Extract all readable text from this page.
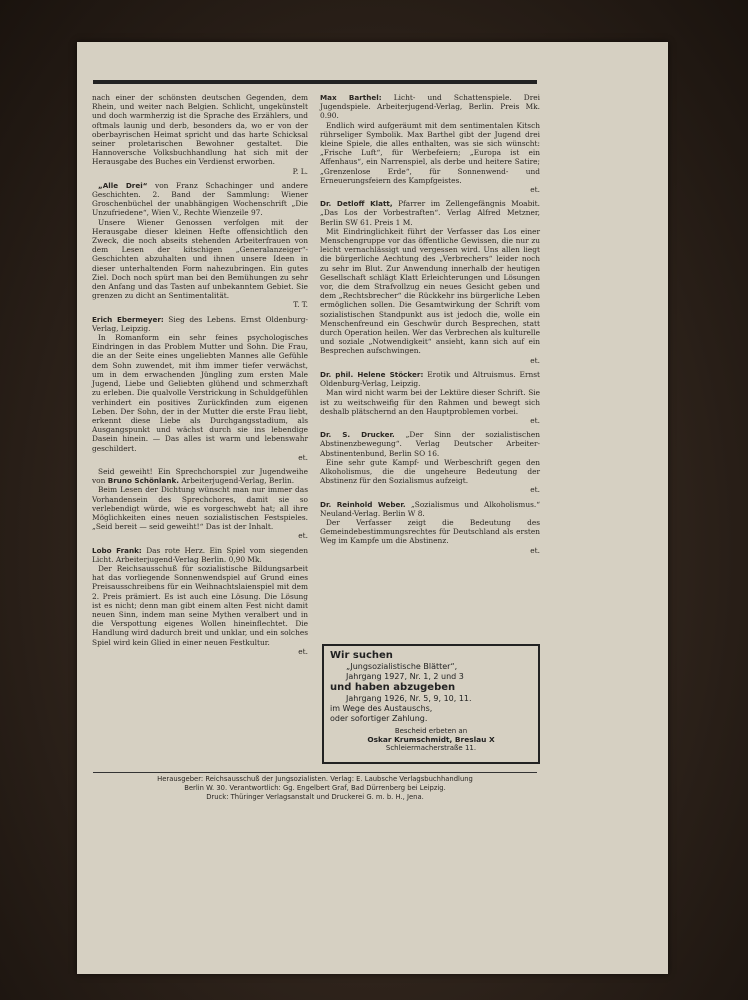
nach einer der schönsten deutschen Gegenden, dem Rhein, und weiter nach Belgien. Schlicht, ungekünstelt und doch warmherzig ist die Sprache des Erzählers, und oftmals launig und derb, besonders da, wo er von der oberbayrischen Heimat spricht und das harte Schicksal seiner proletarischen Bewohner gestaltet. Die Hannoversche Volksbuchhandlung hat sich mit der Herausgabe des Buches ein Verdienst erworben.

P. L.

„Alle Drei“ von Franz Schachinger und andere Geschichten. 2. Band der Sammlung: Wiener Groschenbüchel der unabhängigen Wochenschrift „Die Unzufriedene“, Wien V., Rechte Wienzeile 97.

Unsere Wiener Genossen verfolgen mit der Herausgabe dieser kleinen Hefte offensichtlich den Zweck, die noch abseits stehenden Arbeiterfrauen von dem Lesen der kitschigen „Generalanzeiger“-Geschichten abzuhalten und ihnen unsere Ideen in dieser unterhaltenden Form nahezubringen. Ein gutes Ziel. Doch noch spürt man bei den Bemühungen zu sehr den Anfang und das Tasten auf unbekanntem Gebiet. Sie grenzen zu dicht an Sentimentalität.

T. T.

Erich Ebermeyer: Sieg des Lebens. Ernst Oldenburg-Verlag, Leipzig.

In Romanform ein sehr feines psychologisches Eindringen in das Problem Mutter und Sohn. Die Frau, die an der Seite eines ungeliebten Mannes alle Gefühle dem Sohn zuwendet, mit ihm immer tiefer verwächst, um in dem erwachenden Jüngling zum ersten Male Jugend, Liebe und Geliebten glühend und schmerzhaft zu erleben. Die qualvolle Verstrickung in Schuldgefühlen verhindert ein positives Zurückfinden zum eigenen Leben. Der Sohn, der in der Mutter die erste Frau liebt, erkennt diese Liebe als Durchgangsstadium, als Ausgangspunkt und wächst durch sie ins lebendige Dasein hinein. — Das alles ist warm und lebenswahr geschildert.

et.

Seid geweiht! Ein Sprechchorspiel zur Jugendweihe von Bruno Schönlank. Arbeiterjugend-Verlag, Berlin.

Beim Lesen der Dichtung wünscht man nur immer das Vorhandensein des Sprechchores, damit sie so verlebendigt würde, wie es vorgeschwebt hat; all ihre Möglichkeiten eines neuen sozialistischen Festspieles. „Seid bereit — seid geweiht!“ Das ist der Inhalt.

et.

Lobo Frank: Das rote Herz. Ein Spiel vom siegenden Licht. Arbeiterjugend-Verlag Berlin. 0,90 Mk.

Der Reichsausschuß für sozialistische Bildungsarbeit hat das vorliegende Sonnenwendspiel auf Grund eines Preisausschreibens für ein Weihnachtslaienspiel mit dem 2. Preis prämiert. Es ist auch eine Lösung. Die Lösung ist es nicht; denn man gibt einem alten Fest nicht damit neuen Sinn, indem man seine Mythen veralbert und in die Verspottung eigenes Wollen hineinflechtet. Die Handlung wird dadurch breit und unklar, und ein solches Spiel wird kein Glied in einer neuen Festkultur.

et.

Max Barthel: Licht- und Schattenspiele. Drei Jugendspiele. Arbeiterjugend-Verlag, Berlin. Preis Mk. 0.90.

Endlich wird aufgeräumt mit dem sentimentalen Kitsch rührseliger Symbolik. Max Barthel gibt der Jugend drei kleine Spiele, die alles enthalten, was sie sich wünscht: „Frische Luft“, für Werbefeiern; „Europa ist ein Affenhaus“, ein Narrenspiel, als derbe und heitere Satire; „Grenzenlose Erde“, für Sonnenwend- und Erneuerungsfeiern des Kampfgeistes.

et.

Dr. Detloff Klatt, Pfarrer im Zellengefängnis Moabit. „Das Los der Vorbestraften“. Verlag Alfred Metzner, Berlin SW 61. Preis 1 M.

Mit Eindringlichkeit führt der Verfasser das Los einer Menschengruppe vor das öffentliche Gewissen, die nur zu leicht vernachlässigt und vergessen wird. Uns allen liegt die bürgerliche Aechtung des „Verbrechers“ leider noch zu sehr im Blut. Zur Anwendung innerhalb der heutigen Gesellschaft schlägt Klatt Erleichterungen und Lösungen vor, die dem Strafvollzug ein neues Gesicht geben und dem „Rechtsbrecher“ die Rückkehr ins bürgerliche Leben ermöglichen sollen. Die Gesamtwirkung der Schrift vom sozialistischen Standpunkt aus ist jedoch die, wolle ein Menschenfreund ein Geschwür durch Besprechen, statt durch Operation heilen. Wer das Verbrechen als kulturelle und soziale „Notwendigkeit“ ansieht, kann sich auf ein Besprechen aufschwingen.

et.

Dr. phil. Helene Stöcker: Erotik und Altruismus. Ernst Oldenburg-Verlag, Leipzig.

Man wird nicht warm bei der Lektüre dieser Schrift. Sie ist zu weitschweifig für den Rahmen und bewegt sich deshalb plätschernd an den Hauptproblemen vorbei.

et.

Dr. S. Drucker. „Der Sinn der sozialistischen Abstinenzbewegung“. Verlag Deutscher Arbeiter-Abstinentenbund, Berlin SO 16.

Eine sehr gute Kampf- und Werbeschrift gegen den Alkoholismus, die die ungeheure Bedeutung der Abstinenz für den Sozialismus aufzeigt.

et.

Dr. Reinhold Weber. „Sozialismus und Alkoholismus.“ Neuland-Verlag. Berlin W 8.

Der Verfasser zeigt die Bedeutung des Gemeindebestimmungsrechtes für Deutschland als ersten Weg im Kampfe um die Abstinenz.

et.
Wir suchen
„Jungsozialistische Blätter“,
Jahrgang 1927, Nr. 1, 2 und 3
und haben abzugeben
Jahrgang 1926, Nr. 5, 9, 10, 11.
im Wege des Austauschs,
oder sofortiger Zahlung.
Bescheid erbeten an
Oskar Krumschmidt, Breslau X
Schleiermacherstraße 11.
Herausgeber: Reichsausschuß der Jungsozialisten. Verlag: E. Laubsche Verlagsbuchhandlung
Berlin W. 30. Verantwortlich: Gg. Engelbert Graf, Bad Dürrenberg bei Leipzig.
Druck: Thüringer Verlagsanstalt und Druckerei G. m. b. H., Jena.
